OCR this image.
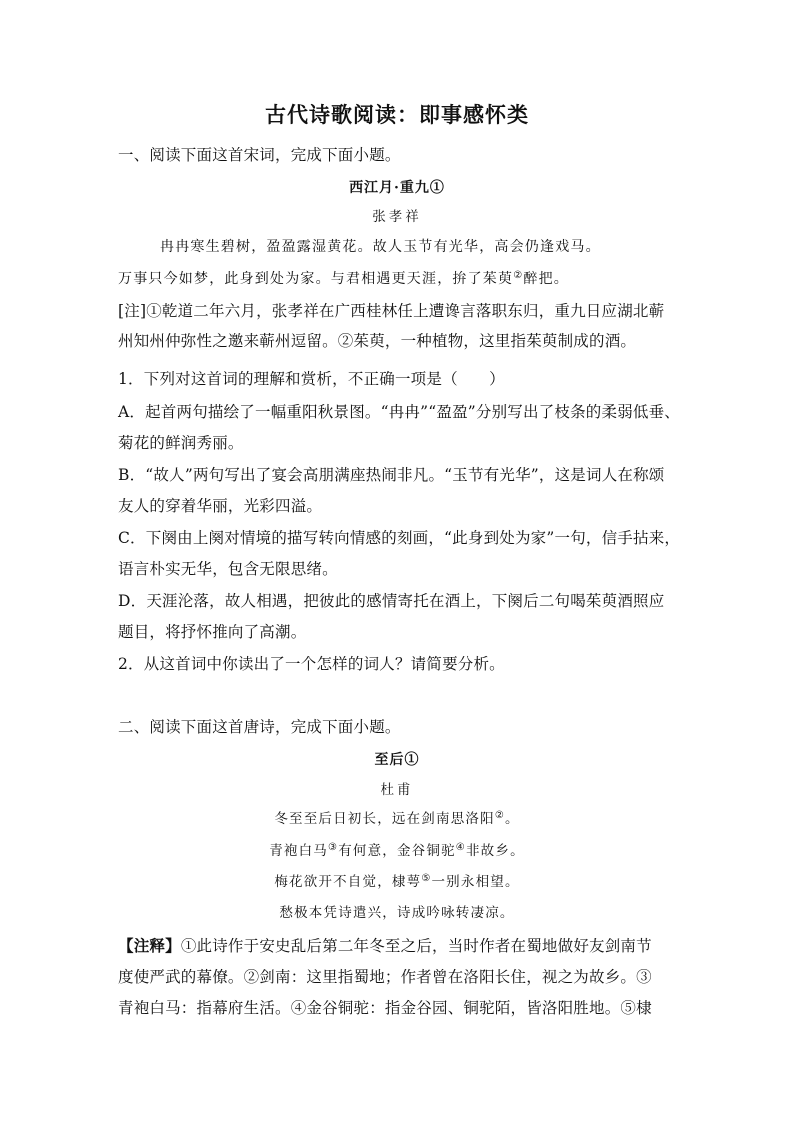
古代诗歌阅读：即事感怀类
一、阅读下面这首宋词，完成下面小题。
西江月·重九①
张孝祥
冉冉寒生碧树，盈盈露湿黄花。故人玉节有光华，高会仍逢戏马。
万事只今如梦，此身到处为家。与君相遇更天涯，拚了茱萸②醉把。
[注]①乾道二年六月，张孝祥在广西桂林任上遭谗言落职东归，重九日应湖北蕲
州知州仲弥性之邀来蕲州逗留。②茱萸，一种植物，这里指茱萸制成的酒。
1．下列对这首词的理解和赏析，不正确一项是（　　）
A．起首两句描绘了一幅重阳秋景图。“冉冉”“盈盈”分别写出了枝条的柔弱低垂、
菊花的鲜润秀丽。
B．“故人”两句写出了宴会高朋满座热闹非凡。“玉节有光华”，这是词人在称颂
友人的穿着华丽，光彩四溢。
C．下阕由上阕对情境的描写转向情感的刻画，“此身到处为家”一句，信手拈来，
语言朴实无华，包含无限思绪。
D．天涯沦落，故人相遇，把彼此的感情寄托在酒上，下阕后二句喝茱萸酒照应
题目，将抒怀推向了高潮。
2．从这首词中你读出了一个怎样的词人？请简要分析。
二、阅读下面这首唐诗，完成下面小题。
至后①
杜甫
冬至至后日初长，远在剑南思洛阳②。
青袍白马③有何意，金谷铜驼④非故乡。
梅花欲开不自觉，棣萼⑤一别永相望。
愁极本凭诗遣兴，诗成吟咏转凄凉。
【注释】①此诗作于安史乱后第二年冬至之后，当时作者在蜀地做好友剑南节
度使严武的幕僚。②剑南：这里指蜀地；作者曾在洛阳长住，视之为故乡。③
青袍白马：指幕府生活。④金谷铜驼：指金谷园、铜驼陌，皆洛阳胜地。⑤棣
